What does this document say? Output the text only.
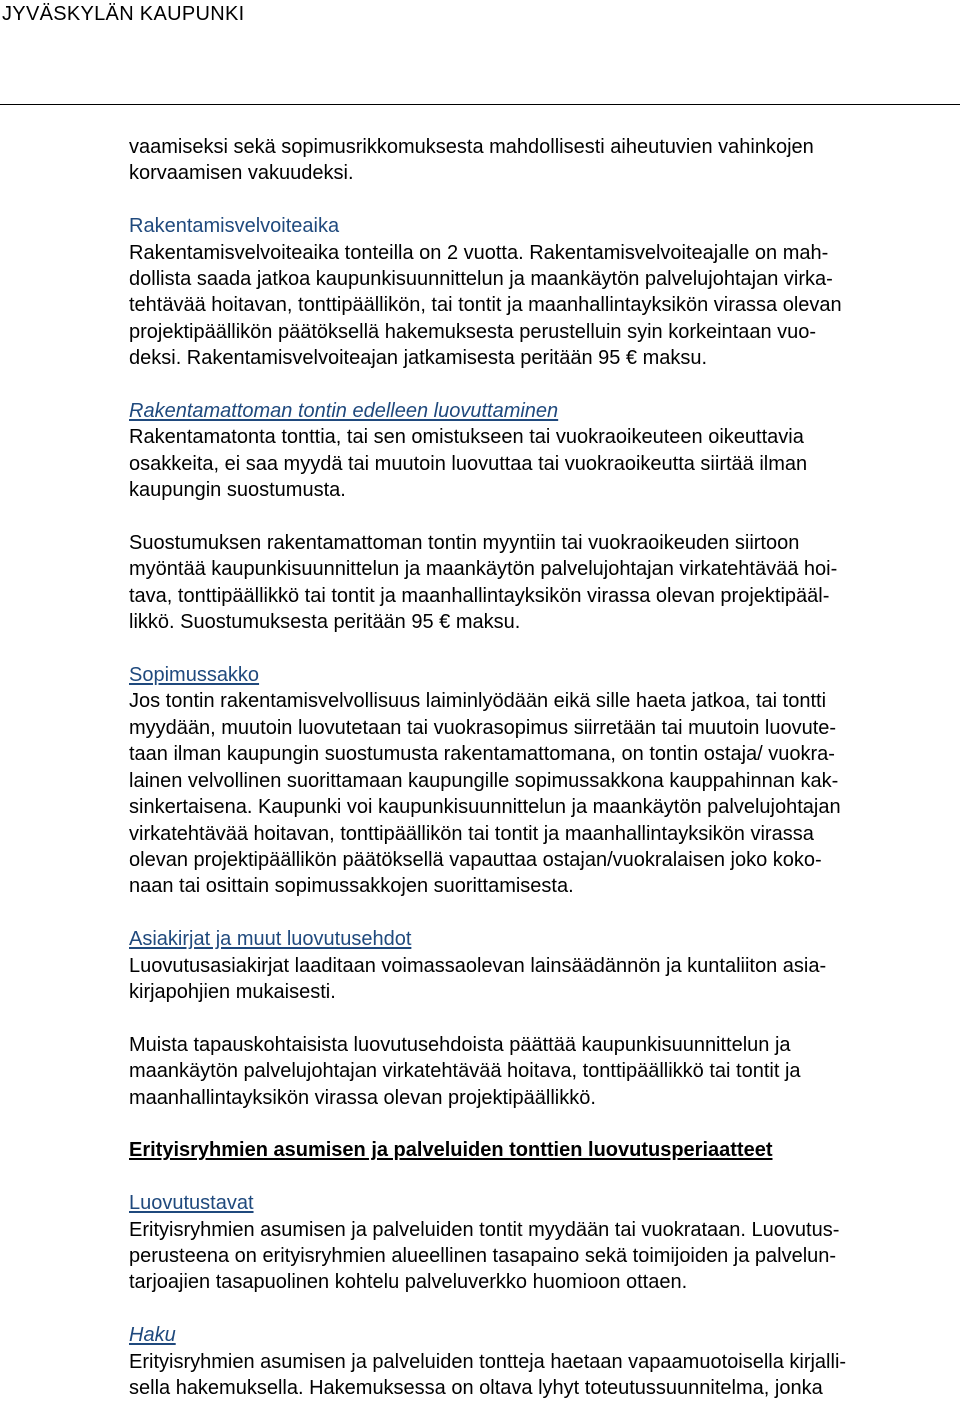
JYVÄSKYLÄN KAUPUNKI

vaamiseksi sekä sopimusrikkomuksesta mahdollisesti aiheutuvien vahinkojen
korvaamisen vakuudeksi.

Rakentamisvelvoiteaika
Rakentamisvelvoiteaika tonteilla on 2 vuotta. Rakentamisvelvoiteajalle on mah-
dollista saada jatkoa kaupunkisuunnittelun ja maankäytön palvelujohtajan virka-
tehtävää hoitavan, tonttipäällikön, tai tontit ja maanhallintayksikön virassa olevan
projektipäällikön päätöksellä hakemuksesta perustelluin syin korkeintaan vuo-
deksi. Rakentamisvelvoiteajan jatkamisesta peritään 95 € maksu.

Rakentamattoman tontin edelleen luovuttaminen
Rakentamatonta tonttia, tai sen omistukseen tai vuokraoikeuteen oikeuttavia
osakkeita, ei saa myydä tai muutoin luovuttaa tai vuokraoikeutta siirtää ilman
kaupungin suostumusta.

Suostumuksen rakentamattoman tontin myyntiin tai vuokraoikeuden siirtoon
myöntää kaupunkisuunnittelun ja maankäytön palvelujohtajan virkatehtävää hoi-
tava, tonttipäällikkö tai tontit ja maanhallintayksikön virassa olevan projektipääl-
likkö. Suostumuksesta peritään 95 € maksu.

Sopimussakko
Jos tontin rakentamisvelvollisuus laiminlyödään eikä sille haeta jatkoa, tai tontti
myydään, muutoin luovutetaan tai vuokrasopimus siirretään tai muutoin luovute-
taan ilman kaupungin suostumusta rakentamattomana, on tontin ostaja/ vuokra-
lainen velvollinen suorittamaan kaupungille sopimussakkona kauppahinnan kak-
sinkertaisena. Kaupunki voi kaupunkisuunnittelun ja maankäytön palvelujohtajan
virkatehtävää hoitavan, tonttipäällikön tai tontit ja maanhallintayksikön virassa
olevan projektipäällikön päätöksellä vapauttaa ostajan/vuokralaisen joko koko-
naan tai osittain sopimussakkojen suorittamisesta.

Asiakirjat ja muut luovutusehdot
Luovutusasiakirjat laaditaan voimassaolevan lainsäädännön ja kuntaliiton asia-
kirjapohjien mukaisesti.

Muista tapauskohtaisista luovutusehdoista päättää kaupunkisuunnittelun ja
maankäytön palvelujohtajan virkatehtävää hoitava, tonttipäällikkö tai tontit ja
maanhallintayksikön virassa olevan projektipäällikkö.

Erityisryhmien asumisen ja palveluiden tonttien luovutusperiaatteet

Luovutustavat
Erityisryhmien asumisen ja palveluiden tontit myydään tai vuokrataan. Luovutus-
perusteena on erityisryhmien alueellinen tasapaino sekä toimijoiden ja palvelun-
tarjoajien tasapuolinen kohtelu palveluverkko huomioon ottaen.

Haku
Erityisryhmien asumisen ja palveluiden tontteja haetaan vapaamuotoisella kirjalli-
sella hakemuksella. Hakemuksessa on oltava lyhyt toteutussuunnitelma, jonka
